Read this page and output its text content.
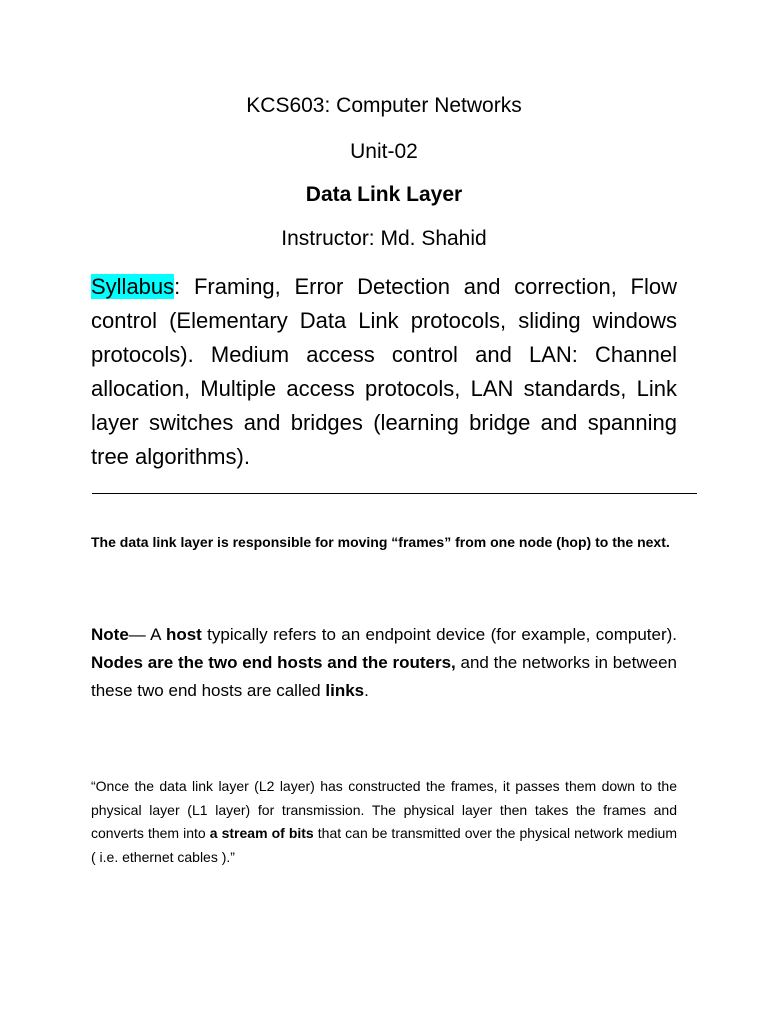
KCS603: Computer Networks
Unit-02
Data Link Layer
Instructor: Md. Shahid
Syllabus: Framing, Error Detection and correction, Flow control (Elementary Data Link protocols, sliding windows protocols). Medium access control and LAN: Channel allocation, Multiple access protocols, LAN standards, Link layer switches and bridges (learning bridge and spanning tree algorithms).
The data link layer is responsible for moving “frames” from one node (hop) to the next.
Note— A host typically refers to an endpoint device (for example, computer). Nodes are the two end hosts and the routers, and the networks in between these two end hosts are called links.
“Once the data link layer (L2 layer) has constructed the frames, it passes them down to the physical layer (L1 layer) for transmission. The physical layer then takes the frames and converts them into a stream of bits that can be transmitted over the physical network medium ( i.e. ethernet cables ).”
